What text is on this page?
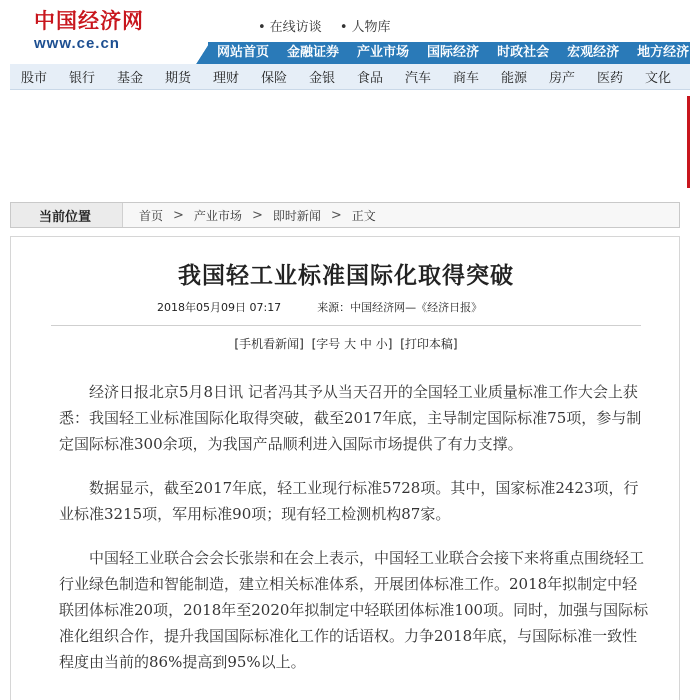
中国经济网
www.ce.cn
• 在线访谈 • 人物库
网站首页	金融证券	产业市场	国际经济	时政社会	宏观经济	地方经济
股市	银行	基金	期货	理财	保险	金银	食品	汽车	商车	能源	房产	医药	文化
当前位置	首页 > 产业市场 > 即时新闻 > 正文
我国轻工业标准国际化取得突破
2018年05月09日 07:17	来源：中国经济网—《经济日报》
[手机看新闻] [字号 大 中 小] [打印本稿]

经济日报北京5月8日讯 记者冯其予从当天召开的全国轻工业质量标准工作大会上获悉：我国轻工业标准国际化取得突破，截至2017年底，主导制定国际标准75项，参与制定国际标准300余项，为我国产品顺利进入国际市场提供了有力支撑。

数据显示，截至2017年底，轻工业现行标准5728项。其中，国家标准2423项，行业标准3215项，军用标准90项；现有轻工检测机构87家。

中国轻工业联合会会长张崇和在会上表示，中国轻工业联合会接下来将重点围绕轻工行业绿色制造和智能制造，建立相关标准体系，开展团体标准工作。2018年拟制定中轻联团体标准20项，2018年至2020年拟制定中轻联团体标准100项。同时，加强与国际标准化组织合作，提升我国国际标准化工作的话语权。力争2018年底，与国际标准一致性程度由当前的86%提高到95%以上。
